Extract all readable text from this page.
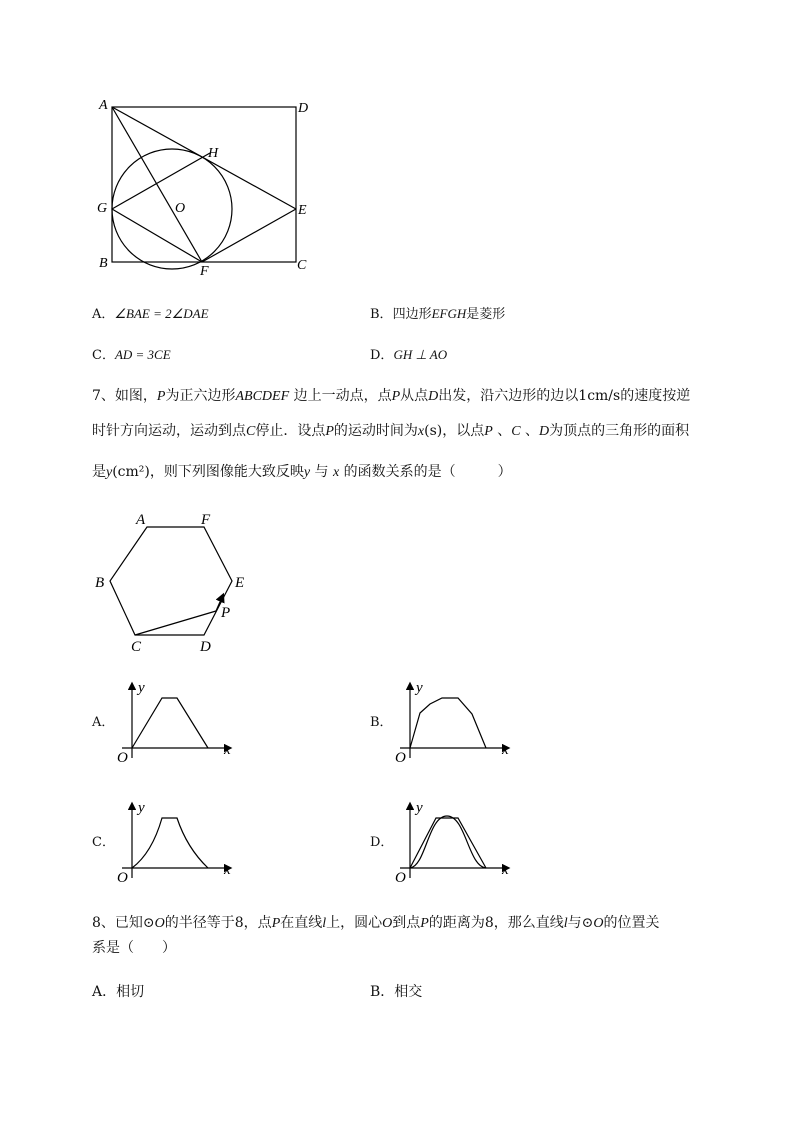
A	D
H
G	O	E
B
F	C
A．∠BAE = 2∠DAE	B．四边形EFGH是菱形
C．AD = 3CE	D．GH ⊥ AO
7、如图，P为正六边形ABCDEF 边上一动点，点P从点D出发，沿六边形的边以1cm/s的速度按逆
时针方向运动，运动到点C停止．设点P的运动时间为x(s)，以点P 、C 、D为顶点的三角形的面积
是y(cm²)，则下列图像能大致反映y 与 x 的函数关系的是（　　　）
A	F
B	E
P
C	D
A．
y
x
O
B．
y
x
O
C．
y
x
O
D．
y
x
O
8、已知⊙O的半径等于8，点P在直线l上，圆心O到点P的距离为8，那么直线l与⊙O的位置关
系是（　　）
A．相切	B．相交
